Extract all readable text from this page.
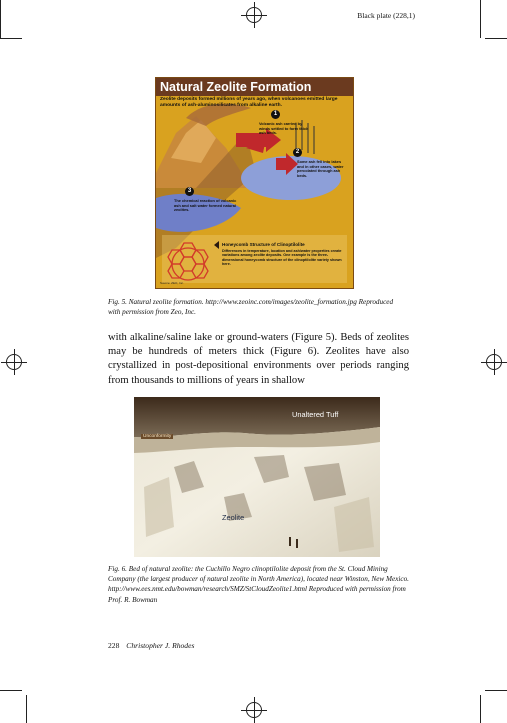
Black plate (228,1)
Natural Zeolite Formation
Zeolite deposits formed millions of years ago, when volcanoes emitted large amounts of ash-aluminosilicates from alkaline earth.
1
Volcanic ash carried by winds settled to form thick ash beds.
2
Some ash fell into lakes and in other cases, water percolated through ash beds.
3
The chemical reaction of volcanic ash and salt water formed natural zeolites.
Honeycomb Structure of Clinoptilolite
Differences in temperature, location and ash/water properties create variations among zeolite deposits. One example is the three-dimensional honeycomb structure of the clinoptilolite variety shown here.
Source: ZEO, Inc.
Fig. 5. Natural zeolite formation. http://www.zeoinc.com/images/zeolite_formation.jpg Reproduced with permission from Zeo, Inc.
with alkaline/saline lake or ground-waters (Figure 5). Beds of zeolites may be hundreds of meters thick (Figure 6). Zeolites have also crystallized in post-depositional environments over periods ranging from thousands to millions of years in shallow
Unaltered Tuff
Unconformity
Zeolite
Fig. 6. Bed of natural zeolite: the Cuchillo Negro clinoptilolite deposit from the St. Cloud Mining Company (the largest producer of natural zeolite in North America), located near Winston, New Mexico. http://www.ees.nmt.edu/bowman/research/SMZ/StCloudZeolite1.html Reproduced with permission from Prof. R. Bowman
228 Christopher J. Rhodes
